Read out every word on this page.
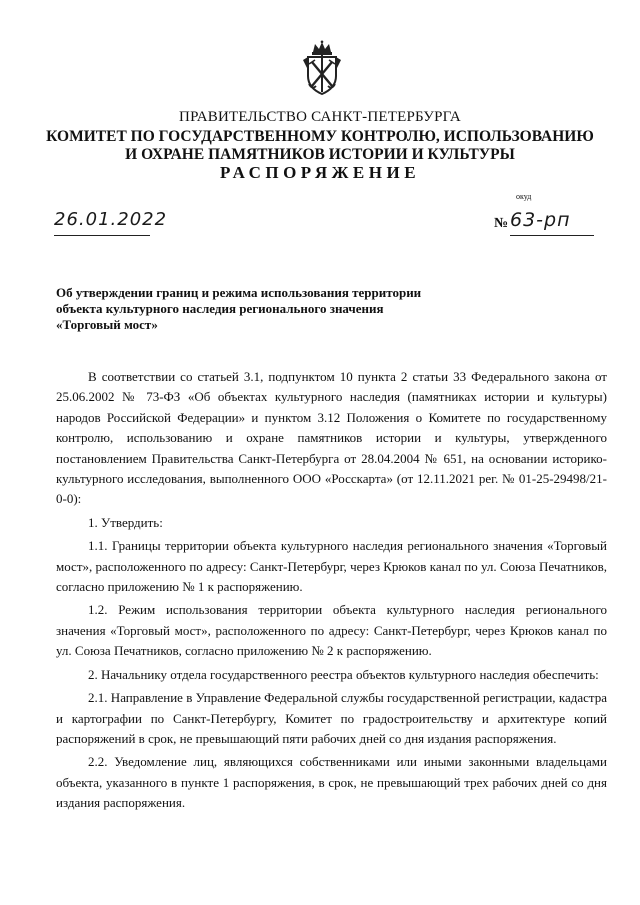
ПРАВИТЕЛЬСТВО САНКТ-ПЕТЕРБУРГА
КОМИТЕТ ПО ГОСУДАРСТВЕННОМУ КОНТРОЛЮ, ИСПОЛЬЗОВАНИЮ
И ОХРАНЕ ПАМЯТНИКОВ ИСТОРИИ И КУЛЬТУРЫ
РАСПОРЯЖЕНИЕ
окуд
26.01.2022	№ 63-рп
Об утверждении границ и режима использования территории
объекта культурного наследия регионального значения
«Торговый мост»

В соответствии со статьей 3.1, подпунктом 10 пункта 2 статьи 33 Федерального закона от 25.06.2002 № 73-ФЗ «Об объектах культурного наследия (памятниках истории и культуры) народов Российской Федерации» и пунктом 3.12 Положения о Комитете по государственному контролю, использованию и охране памятников истории и культуры, утвержденного постановлением Правительства Санкт-Петербурга от 28.04.2004 № 651, на основании историко-культурного исследования, выполненного ООО «Росскарта» (от 12.11.2021 рег. № 01-25-29498/21-0-0):

1. Утвердить:

1.1. Границы территории объекта культурного наследия регионального значения «Торговый мост», расположенного по адресу: Санкт-Петербург, через Крюков канал по ул. Союза Печатников, согласно приложению № 1 к распоряжению.

1.2. Режим использования территории объекта культурного наследия регионального значения «Торговый мост», расположенного по адресу: Санкт-Петербург, через Крюков канал по ул. Союза Печатников, согласно приложению № 2 к распоряжению.

2. Начальнику отдела государственного реестра объектов культурного наследия обеспечить:

2.1. Направление в Управление Федеральной службы государственной регистрации, кадастра и картографии по Санкт-Петербургу, Комитет по градостроительству и архитектуре копий распоряжений в срок, не превышающий пяти рабочих дней со дня издания распоряжения.

2.2. Уведомление лиц, являющихся собственниками или иными законными владельцами объекта, указанного в пункте 1 распоряжения, в срок, не превышающий трех рабочих дней со дня издания распоряжения.
